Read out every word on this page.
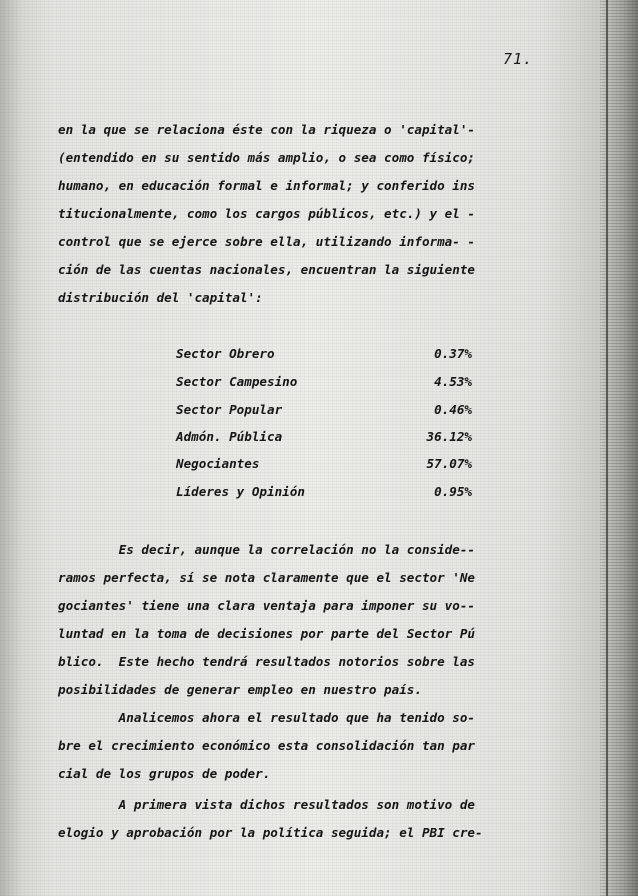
71.
en la que se relaciona éste con la riqueza o 'capital'-
(entendido en su sentido más amplio, o sea como físico;
humano, en educación formal e informal; y conferido ins
titucionalmente, como los cargos públicos, etc.) y el -
control que se ejerce sobre ella, utilizando informa- -
ción de las cuentas nacionales, encuentran la siguiente
distribución del 'capital':
Sector Obrero	0.37%
Sector Campesino	4.53%
Sector Popular	0.46%
Admón. Pública	36.12%
Negociantes	57.07%
Líderes y Opinión	0.95%
Es decir, aunque la correlación no la conside--
ramos perfecta, sí se nota claramente que el sector 'Ne
gociantes' tiene una clara ventaja para imponer su vo--
luntad en la toma de decisiones por parte del Sector Pú
blico.  Este hecho tendrá resultados notorios sobre las
posibilidades de generar empleo en nuestro país.
Analicemos ahora el resultado que ha tenido so-
bre el crecimiento económico esta consolidación tan par
cial de los grupos de poder.
A primera vista dichos resultados son motivo de
elogio y aprobación por la política seguida; el PBI cre-
